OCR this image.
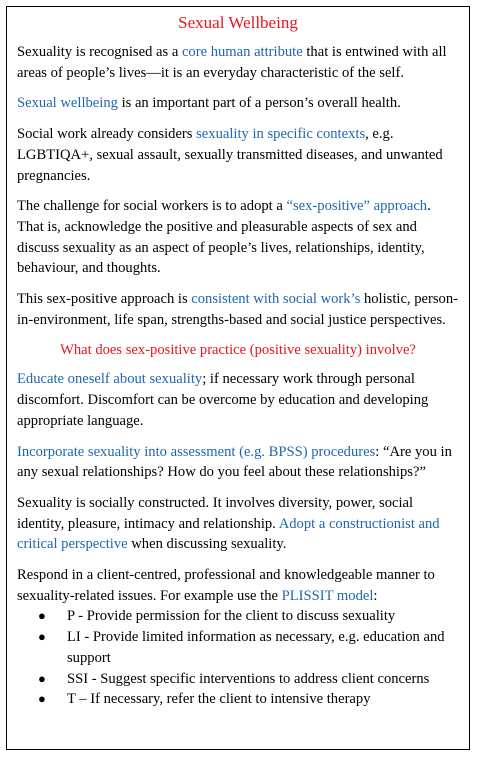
Sexual Wellbeing

Sexuality is recognised as a core human attribute that is entwined with all areas of people’s lives—it is an everyday characteristic of the self.

Sexual wellbeing is an important part of a person’s overall health.

Social work already considers sexuality in specific contexts, e.g. LGBTIQA+, sexual assault, sexually transmitted diseases, and unwanted pregnancies.

The challenge for social workers is to adopt a “sex-positive” approach. That is, acknowledge the positive and pleasurable aspects of sex and discuss sexuality as an aspect of people’s lives, relationships, identity, behaviour, and thoughts.

This sex-positive approach is consistent with social work’s holistic, person-in-environment, life span, strengths-based and social justice perspectives.

What does sex-positive practice (positive sexuality) involve?

Educate oneself about sexuality; if necessary work through personal discomfort. Discomfort can be overcome by education and developing appropriate language.

Incorporate sexuality into assessment (e.g. BPSS) procedures: “Are you in any sexual relationships? How do you feel about these relationships?”

Sexuality is socially constructed. It involves diversity, power, social identity, pleasure, intimacy and relationship. Adopt a constructionist and critical perspective when discussing sexuality.

Respond in a client-centred, professional and knowledgeable manner to sexuality-related issues. For example use the PLISSIT model:

● P - Provide permission for the client to discuss sexuality
● LI - Provide limited information as necessary, e.g. education and support
● SSI - Suggest specific interventions to address client concerns
● T – If necessary, refer the client to intensive therapy
